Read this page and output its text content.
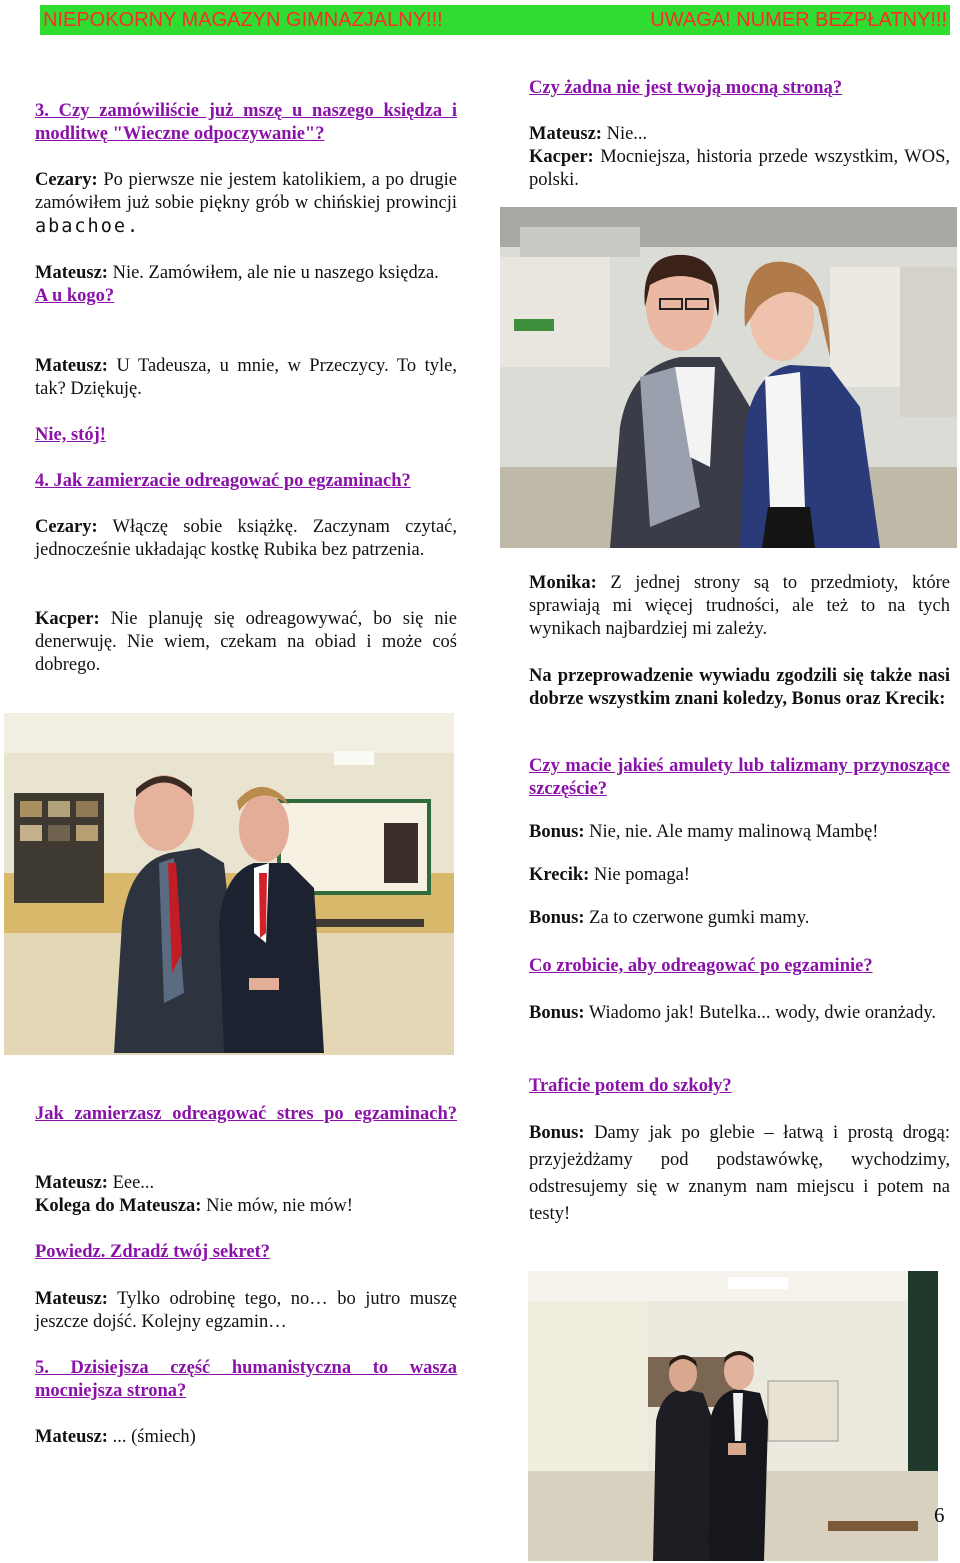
NIEPOKORNY MAGAZYN GIMNAZJALNY!!!	UWAGA! NUMER BEZPŁATNY!!!

3. Czy zamówiliście już mszę u naszego księdza i modlitwę "Wieczne odpoczywanie"?

Cezary: Po pierwsze nie jestem katolikiem, a po drugie zamówiłem już sobie piękny grób w chińskiej prowincji abachoe.

Mateusz: Nie. Zamówiłem, ale nie u naszego księdza.

A u kogo?

Mateusz: U Tadeusza, u mnie, w Przeczycy. To tyle, tak? Dziękuję.

Nie, stój!

4. Jak zamierzacie odreagować po egzaminach?

Cezary: Włączę sobie książkę. Zaczynam czytać, jednocześnie układając kostkę Rubika bez patrzenia.

Kacper: Nie planuję się odreagowywać, bo się nie denerwuję. Nie wiem, czekam na obiad i może coś dobrego.

Jak zamierzasz odreagować stres po egzaminach?

Mateusz: Eee...

Kolega do Mateusza: Nie mów, nie mów!

Powiedz. Zdradź twój sekret?

Mateusz: Tylko odrobinę tego, no… bo jutro muszę jeszcze dojść. Kolejny egzamin…

5. Dzisiejsza część humanistyczna to wasza mocniejsza strona?

Mateusz: ... (śmiech)

Czy żadna nie jest twoją mocną stroną?

Mateusz: Nie...

Kacper: Mocniejsza, historia przede wszystkim, WOS, polski.

Monika: Z jednej strony są to przedmioty, które sprawiają mi więcej trudności, ale też to na tych wynikach najbardziej mi zależy.

Na przeprowadzenie wywiadu zgodzili się także nasi dobrze wszystkim znani koledzy, Bonus oraz Krecik:

Czy macie jakieś amulety lub talizmany przynoszące szczęście?

Bonus: Nie, nie. Ale mamy malinową Mambę!

Krecik: Nie pomaga!

Bonus: Za to czerwone gumki mamy.

Co zrobicie, aby odreagować po egzaminie?

Bonus: Wiadomo jak! Butelka... wody, dwie oranżady.

Traficie potem do szkoły?

Bonus: Damy jak po glebie – łatwą i prostą drogą: przyjeżdżamy pod podstawówkę, wychodzimy, odstresujemy się w znanym nam miejscu i potem na testy!

6
